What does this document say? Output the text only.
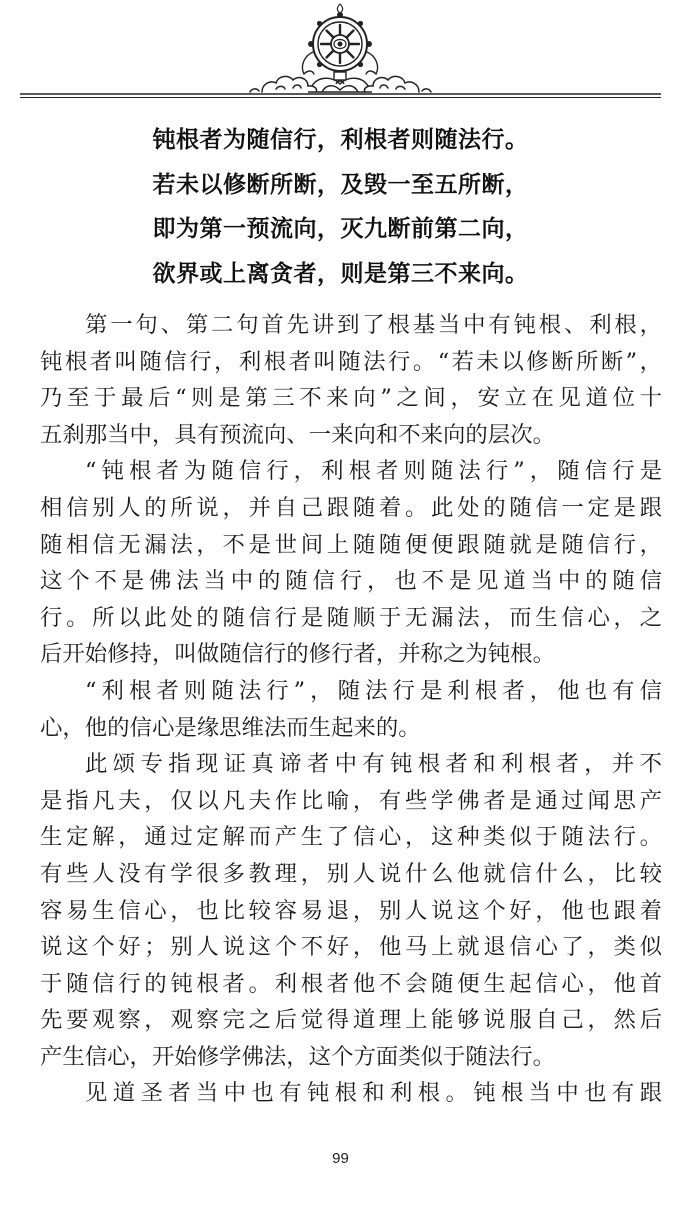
钝根者为随信行，利根者则随法行。
若未以修断所断，及毁一至五所断，
即为第一预流向，灭九断前第二向，
欲界或上离贪者，则是第三不来向。
第一句、第二句首先讲到了根基当中有钝根、利根，
钝根者叫随信行，利根者叫随法行。“若未以修断所断”，
乃至于最后“则是第三不来向”之间，安立在见道位十
五刹那当中，具有预流向、一来向和不来向的层次。
“钝根者为随信行，利根者则随法行”，随信行是
相信别人的所说，并自己跟随着。此处的随信一定是跟
随相信无漏法，不是世间上随随便便跟随就是随信行，
这个不是佛法当中的随信行，也不是见道当中的随信
行。所以此处的随信行是随顺于无漏法，而生信心，之
后开始修持，叫做随信行的修行者，并称之为钝根。
“利根者则随法行”，随法行是利根者，他也有信
心，他的信心是缘思维法而生起来的。
此颂专指现证真谛者中有钝根者和利根者，并不
是指凡夫，仅以凡夫作比喻，有些学佛者是通过闻思产
生定解，通过定解而产生了信心，这种类似于随法行。
有些人没有学很多教理，别人说什么他就信什么，比较
容易生信心，也比较容易退，别人说这个好，他也跟着
说这个好；别人说这个不好，他马上就退信心了，类似
于随信行的钝根者。利根者他不会随便生起信心，他首
先要观察，观察完之后觉得道理上能够说服自己，然后
产生信心，开始修学佛法，这个方面类似于随法行。
见道圣者当中也有钝根和利根。钝根当中也有跟
99
